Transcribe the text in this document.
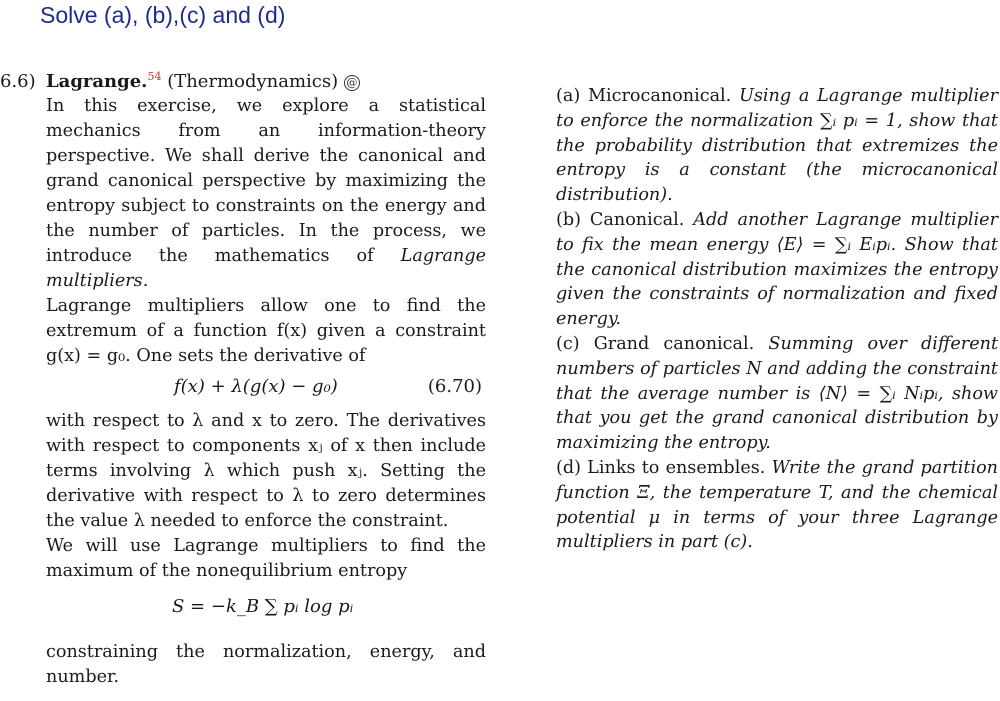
Solve (a), (b),(c) and (d)
6.6) Lagrange.$^{54}$ (Thermodynamics) @
In this exercise, we explore a statistical mechanics from an information-theory perspective. We shall derive the canonical and grand canonical perspective by maximizing the entropy subject to constraints on the energy and the number of particles. In the process, we introduce the mathematics of Lagrange multipliers.
Lagrange multipliers allow one to find the extremum of a function f(x) given a constraint g(x) = g₀. One sets the derivative of
f(x) + λ(g(x) − g₀)	(6.70)
with respect to λ and x to zero. The derivatives with respect to components xⱼ of x then include terms involving λ which push xⱼ. Setting the derivative with respect to λ to zero determines the value λ needed to enforce the constraint.
We will use Lagrange multipliers to find the maximum of the nonequilibrium entropy
S = −k_B ∑ pᵢ log pᵢ
constraining the normalization, energy, and number.
(a) Microcanonical. Using a Lagrange multiplier to enforce the normalization ∑ᵢ pᵢ = 1, show that the probability distribution that extremizes the entropy is a constant (the microcanonical distribution).
(b) Canonical. Add another Lagrange multiplier to fix the mean energy ⟨E⟩ = ∑ᵢ Eᵢpᵢ. Show that the canonical distribution maximizes the entropy given the constraints of normalization and fixed energy.
(c) Grand canonical. Summing over different numbers of particles N and adding the constraint that the average number is ⟨N⟩ = ∑ᵢ Nᵢpᵢ, show that you get the grand canonical distribution by maximizing the entropy.
(d) Links to ensembles. Write the grand partition function Ξ, the temperature T, and the chemical potential μ in terms of your three Lagrange multipliers in part (c).
